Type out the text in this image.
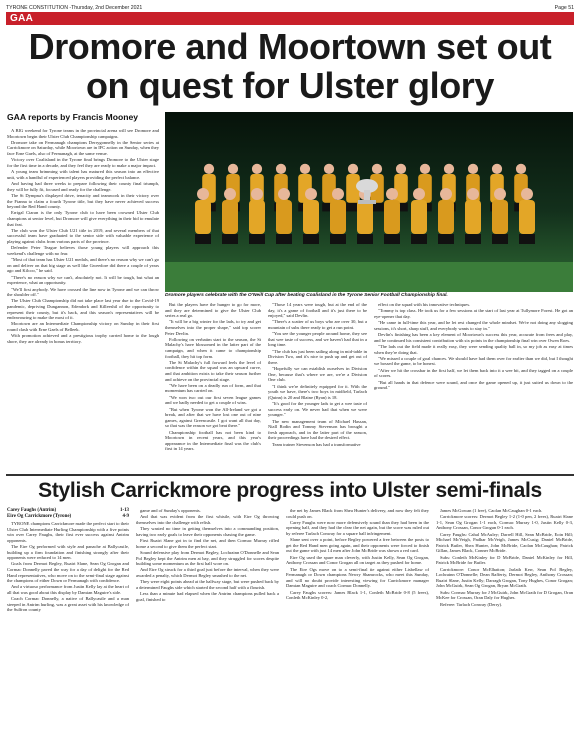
TYRONE CONSTITUTION -Thursday, 2nd December 2021	Page 51
GAA
Dromore and Moortown set out on quest for Ulster glory
GAA reports by Francis Mooney

A BIG weekend for Tyrone teams in the provincial arena will see Dromore and Moortown begin their Ulster Club Championship campaigns.

Dromore take on Fermanagh champions Derrygonnelly in the Senior series at Carrickmore on Saturday, while Moortown are in IFC action on Sunday, when they face Erne Gaels, also of Fermanagh, at the same venue.

Victory over Coalisland in the Tyrone final brings Dromore to the Ulster stage for the first time in a decade, and they feel they are ready to make a major impact.

A young team brimming with talent has matured this season into an effective unit, with a handful of experienced players providing the perfect balance.

And having had three weeks to prepare following their county final triumph, they will be fully fit, focused and ready for the challenge.

The St Dympna's displayed drive, tenacity and teamwork in their victory over the Fianna to claim a fourth Tyrone title, but they have never achieved success beyond the Red Hand county.

Errigal Ciaran is the only Tyrone club to have been crowned Ulster Club champions at senior level, but Dromore will give everything in their bid to emulate that feat.

The club won the Ulster Club U21 title in 2019, and several members of that successful team have graduated to the senior side with valuable experience of playing against clubs from various parts of the province.

Defender Peter Teague believes those young players will approach this weekend's challenge with no fear.

"Most of that team has Ulster U21 medals, and there's no reason why we can't go on and deliver on that big stage as well like Gweedore did there a couple of years ago and Kilcoo," he said.

"There's no reason why we can't, absolutely not. It will be tough, but what an experience, what an opportunity.

"We'll first anybody. We have crossed the line now in Tyrone and we can throw the shoulder off."

The Ulster Club Championship did not take place last year due to the Covid-19 pandemic, depriving Dungannon, Edendork and Killeeshil of the opportunity to represent their county, but it's back, and this season's representatives will be endeavouring to make the most of it.

Moortown are an Intermediate Championship victory on Sunday in their first round clash with Erne Gaels of Belleek.

With promotion achieved and a prestigious trophy carried home to the lough shore, they are already in bonus territory.

Dromore players celebrate with the O'Neill Cup after beating Coalisland in the Tyrone Senior Football Championship final.

But the players have the hunger to go for more, and they are determined to give the Ulster Club series a real go.

"It will be a big winter for the lads, to try and get themselves into the proper shape," said top scorer Peter Devlin.

Following on verbatim start to the season, the St Malachy's have blossomed in the latter part of the campaign, and when it came to championship football, they hit top form.

The St Malachy's full forward feels the level of confidence within the squad was an upward curve, and that ambition exists to take their season further and achieve on the provincial stage.

"We have been on a deadly run of form, and that momentum has carried on.

"We won two out our first seven league games and we badly needed to get a couple of wins.

"But when Tyrone won the All-Ireland we got a break, and after that we have lost one out of nine games, against Greencastle. I got want all that day, so that was the reason we got beat there."

Championship football has not been kind to Moortown in recent years, and this year's appearance in the Intermediate final was the club's first in 14 years.

"Those 14 years were tough, but at the end of the day, it's a game of football and it's just there to be enjoyed," said Devlin.

"There's a scatter of us boys who are over 30, but a mountain of subs there ready to get a run point.

"You see the younger people around home, they see that wee taste of success, and we haven't had that in a long time.

"The club has just been sailing along in mid-table in Division Two, and it's nice to push up and get out of there.

"Hopefully we can establish ourselves in Division One, because that's where we are, we're a Division One club.

"I think we're definitely equipped for it. With the youth we have, there's two boys in midfield, Tarlach (Quinn) is 20 and Blaine (Ryan) is 18.

"It's good for the younger lads to get a wee taste of success early on. We never had that when we were younger."

The new management team of Michael Hassan, Niall Rodin and Tommy Stevenson has brought a fresh approach, and in the latter part of the season, their proceedings have had the desired effect.

Team trainer Stevenson has had a transformative

effect on the squad with his innovative techniques.

"Tommy is top class. He took us for a few sessions at the start of last year at Tullymore Forest. He got an eye-opener that day.

"He came in full-time this year, and he let rest changed the whole mindset. We're not doing any slogging sessions, it's short, sharp stuff, and everybody wants to stay in."

Devlin's finishing has been a key element of Moortown's success this year, accurate from frees and play, and he continued his consistent contribution with six points in the championship final win over Owen Roes.

"The lads out the field made it really easy, they were sending quality ball in, so my job as easy at times when they're doing that.

"We missed a couple of goal chances. We should have had them over for earlier than we did, but I thought we bossed the game, to be honest.

"After we hit the crossbar in the first half, we let them back into it a wee bit, and they tagged on a couple of scores.

"But all hands in that defence were sound, and once the game opened up, it just suited us down to the ground."

Stylish Carrickmore progress into Ulster semi-finals
Carey Faughs (Antrim)	1-13
Eire Og Carrickmore (Tyrone)	4-9

TYRONE champions Carrickmore made the perfect start to their Ulster Club Intermediate Hurling Championship with a five points win over Carey Faughs, their first ever success against Antrim opponents.

The Eire Og performed with style and panache at Ballycastle, building up a firm foundation and finishing strongly after their opponents were reduced to 14 men.

Goals from Dermot Begley, Ruairi Slane, Sean Og Grogan and Cormac Donnelly paved the way for a day of delight for the Red Hand representatives, who move on to the semi-final stage against the champions of either Down or Fermanagh with confidence.

And a virtuoso performance from Justin Kelly lay at the heart of all that was good about this display by Damian Maguire's side.

Coach Cormac Donnelly, a native of Ballycastle and a man steeped in Antrim hurling, was a great asset with his knowledge of the Sulfron county

game and of Sunday's opponents.

And that was evident from the first whistle, with Eire Og throwing themselves into the challenge with relish.

They wasted no time in getting themselves into a commanding position, having two early goals to leave their opponents chasing the game.

First Ruairi Slane got in to find the net, and then Cormac Murray rifled home a second to give them the perfect start.

Sound defensive play from Dermot Begley, Lochrainn O'Donnelle and Sean Pol Begley kept the Antrim men at bay, and they struggled for scores despite building some momentum as the first half wore on.

And Eire Og struck for a third goal just before the interval, when they were awarded a penalty, which Dermot Begley smashed to the net.

They were eight points ahead at the halfway stage, but were pushed back by a determined Faughs side which started the second half with a flourish.

Less than a minute had elapsed when the Antrim champions pulled back a goal, finished to

the net by James Black from Shea Hunter's delivery, and now they felt they could push on.

Carey Faughs were now more defensively sound than they had been in the opening half, and they had the clear the net again, but the score was ruled out by referee Tarlach Conway for a square ball infringement.

Slane sent over a point, before Begley powered a free between the posts to get the Red Hand men going again, and their opponents were forced to finish out the game with just 14 men after John McBride was shown a red card.

Eire Og used the spare man cleverly, with Justin Kelly, Sean Og Grogan, Anthony Crossan and Conor Grogan all on target as they pushed for home.

The Eire Ogs move on to a semi-final tie against either Lisbellaw of Fermanagh or Down champions Newry Shamrocks, who meet this Sunday, and will no doubt provide interesting viewing for Carrickmore manager Damian Maguire and coach Cormac Donnelly.

Carey Faughs scorers: James Black 1-1, Conleth McBride 0-8 (5 frees), Conleth McKinley 0-2,

James McGowan (1 free), Caolan McCaughan 0-1 each.

Carrickmore scorers: Dermot Begley 1-2 (1-0 pen, 2 frees), Ruairi Slane 1-1, Sean Og Grogan 1-1 each, Cormac Murray 1-0, Justin Kelly 0-3, Anthony Crossan, Conor Grogan 0-1 each.

Carey Faughs: Cahal McAuley; Darrell Hill, Sean McBride, Eoin Hill; Michael McVeigh, Padhar McVeigh, James McCusig; Daniel McBride, Patrick Butler, Shea Hunter, John McBride, Caolan McCaughan; Patrick Gillan, James Black, Conner McBride.

Subs: Conleth McKinley for D McBride, Daniel McKinley for Hill, Patrick McBride for Butler.

Carrickmore: Conor McElhatton; Jarlath Kerr, Sean Pol Begley, Lochrainn O'Donnelle; Dean Rafferty, Dermot Begley, Anthony Crossan; Ruairi Slane, Justin Kelly; Darragh Grogan, Tony Hughes, Conor Grogan; John McGuirk, Sean Og Grogan, Bryan McGrath.

Subs: Cormac Murray for J McGuirk, John McGrath for D Grogan, Oran McKee for Crossan, Oran Daly for Hughes.

Referee: Tarlach Conway (Derry).
